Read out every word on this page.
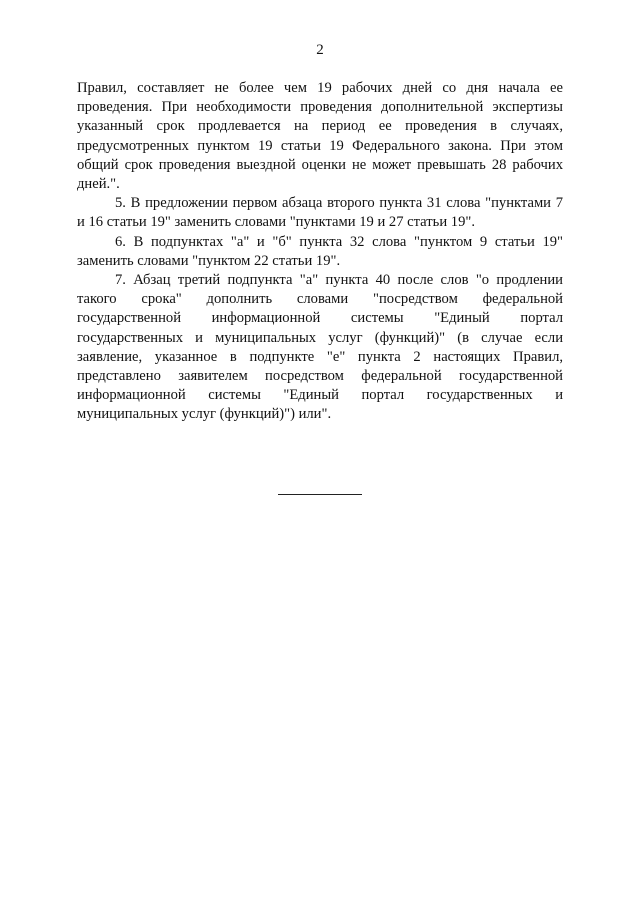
2

Правил, составляет не более чем 19 рабочих дней со дня начала ее проведения. При необходимости проведения дополнительной экспертизы указанный срок продлевается на период ее проведения в случаях, предусмотренных пунктом 19 статьи 19 Федерального закона. При этом общий срок проведения выездной оценки не может превышать 28 рабочих дней.".

5. В предложении первом абзаца второго пункта 31 слова "пунктами 7 и 16 статьи 19" заменить словами "пунктами 19 и 27 статьи 19".

6. В подпунктах "а" и "б" пункта 32 слова "пунктом 9 статьи 19" заменить словами "пунктом 22 статьи 19".

7. Абзац третий подпункта "а" пункта 40 после слов "о продлении такого срока" дополнить словами "посредством федеральной государственной информационной системы "Единый портал государственных и муниципальных услуг (функций)" (в случае если заявление, указанное в подпункте "е" пункта 2 настоящих Правил, представлено заявителем посредством федеральной государственной информационной системы "Единый портал государственных и муниципальных услуг (функций)") или".
